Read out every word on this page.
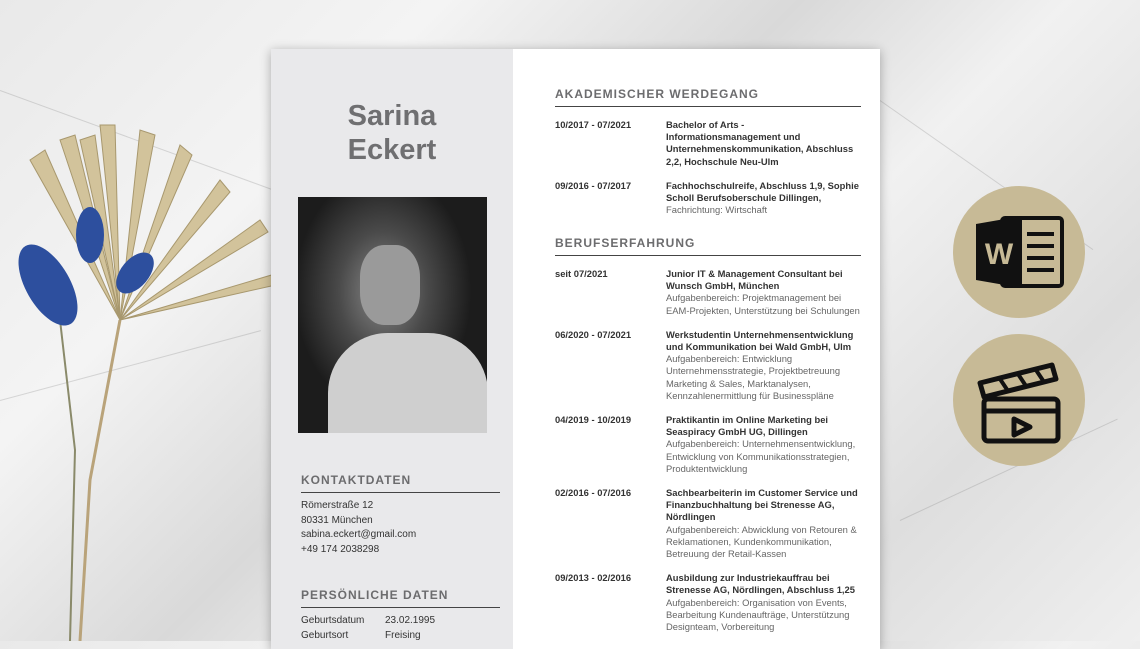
Sarina
Eckert
KONTAKTDATEN
Römerstraße 12
80331 München
sabina.eckert@gmail.com
+49 174 2038298
PERSÖNLICHE DATEN
Geburtsdatum	23.02.1995
Geburtsort	Freising
AKADEMISCHER WERDEGANG
10/2017 - 07/2021	Bachelor of Arts - Informationsmanagement und Unternehmenskommunikation, Abschluss 2,2, Hochschule Neu-Ulm
09/2016 - 07/2017	Fachhochschulreife, Abschluss 1,9, Sophie Scholl Berufsoberschule Dillingen,
Fachrichtung: Wirtschaft
BERUFSERFAHRUNG
seit 07/2021	Junior IT & Management Consultant bei Wunsch GmbH, München
Aufgabenbereich: Projektmanagement bei EAM-Projekten, Unterstützung bei Schulungen
06/2020 - 07/2021	Werkstudentin Unternehmensentwicklung und Kommunikation bei Wald GmbH, Ulm
Aufgabenbereich: Entwicklung Unternehmensstrategie, Projektbetreuung Marketing & Sales, Marktanalysen, Kennzahlenermittlung für Businesspläne
04/2019 - 10/2019	Praktikantin im Online Marketing bei Seaspiracy GmbH UG, Dillingen
Aufgabenbereich: Unternehmensentwicklung, Entwicklung von Kommunikationsstrategien, Produktentwicklung
02/2016 - 07/2016	Sachbearbeiterin im Customer Service und Finanzbuchhaltung bei Strenesse AG, Nördlingen
Aufgabenbereich: Abwicklung von Retouren & Reklamationen, Kundenkommunikation, Betreuung der Retail-Kassen
09/2013 - 02/2016	Ausbildung zur Industriekauffrau bei Strenesse AG, Nördlingen, Abschluss 1,25
Aufgabenbereich: Organisation von Events, Bearbeitung Kundenaufträge, Unterstützung Designteam, Vorbereitung
W
